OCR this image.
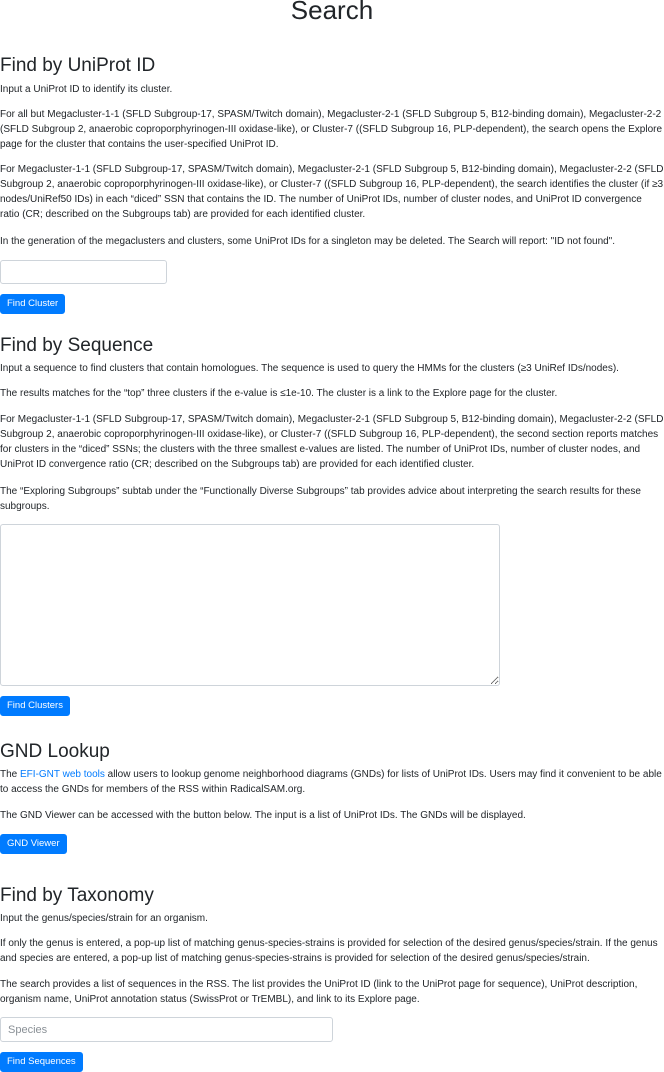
Search
Find by UniProt ID

Input a UniProt ID to identify its cluster.

For all but Megacluster-1-1 (SFLD Subgroup-17, SPASM/Twitch domain), Megacluster-2-1 (SFLD Subgroup 5, B12-binding domain), Megacluster-2-2 (SFLD Subgroup 2, anaerobic coproporphyrinogen-III oxidase-like), or Cluster-7 ((SFLD Subgroup 16, PLP-dependent), the search opens the Explore page for the cluster that contains the user-specified UniProt ID.

For Megacluster-1-1 (SFLD Subgroup-17, SPASM/Twitch domain), Megacluster-2-1 (SFLD Subgroup 5, B12-binding domain), Megacluster-2-2 (SFLD Subgroup 2, anaerobic coproporphyrinogen-III oxidase-like), or Cluster-7 ((SFLD Subgroup 16, PLP-dependent), the search identifies the cluster (if ≥3 nodes/UniRef50 IDs) in each “diced” SSN that contains the ID. The number of UniProt IDs, number of cluster nodes, and UniProt ID convergence ratio (CR; described on the Subgroups tab) are provided for each identified cluster.

In the generation of the megaclusters and clusters, some UniProt IDs for a singleton may be deleted. The Search will report: "ID not found".

Find Cluster
Find by Sequence

Input a sequence to find clusters that contain homologues. The sequence is used to query the HMMs for the clusters (≥3 UniRef IDs/nodes).

The results matches for the “top” three clusters if the e-value is ≤1e-10. The cluster is a link to the Explore page for the cluster.

For Megacluster-1-1 (SFLD Subgroup-17, SPASM/Twitch domain), Megacluster-2-1 (SFLD Subgroup 5, B12-binding domain), Megacluster-2-2 (SFLD Subgroup 2, anaerobic coproporphyrinogen-III oxidase-like), or Cluster-7 ((SFLD Subgroup 16, PLP-dependent), the second section reports matches for clusters in the “diced” SSNs; the clusters with the three smallest e-values are listed. The number of UniProt IDs, number of cluster nodes, and UniProt ID convergence ratio (CR; described on the Subgroups tab) are provided for each identified cluster.

The “Exploring Subgroups” subtab under the “Functionally Diverse Subgroups” tab provides advice about interpreting the search results for these subgroups.

Find Clusters
GND Lookup

The EFI-GNT web tools allow users to lookup genome neighborhood diagrams (GNDs) for lists of UniProt IDs. Users may find it convenient to be able to access the GNDs for members of the RSS within RadicalSAM.org.

The GND Viewer can be accessed with the button below. The input is a list of UniProt IDs. The GNDs will be displayed.

GND Viewer
Find by Taxonomy

Input the genus/species/strain for an organism.

If only the genus is entered, a pop-up list of matching genus-species-strains is provided for selection of the desired genus/species/strain. If the genus and species are entered, a pop-up list of matching genus-species-strains is provided for selection of the desired genus/species/strain.

The search provides a list of sequences in the RSS. The list provides the UniProt ID (link to the UniProt page for sequence), UniProt description, organism name, UniProt annotation status (SwissProt or TrEMBL), and link to its Explore page.

Species
Find Sequences
